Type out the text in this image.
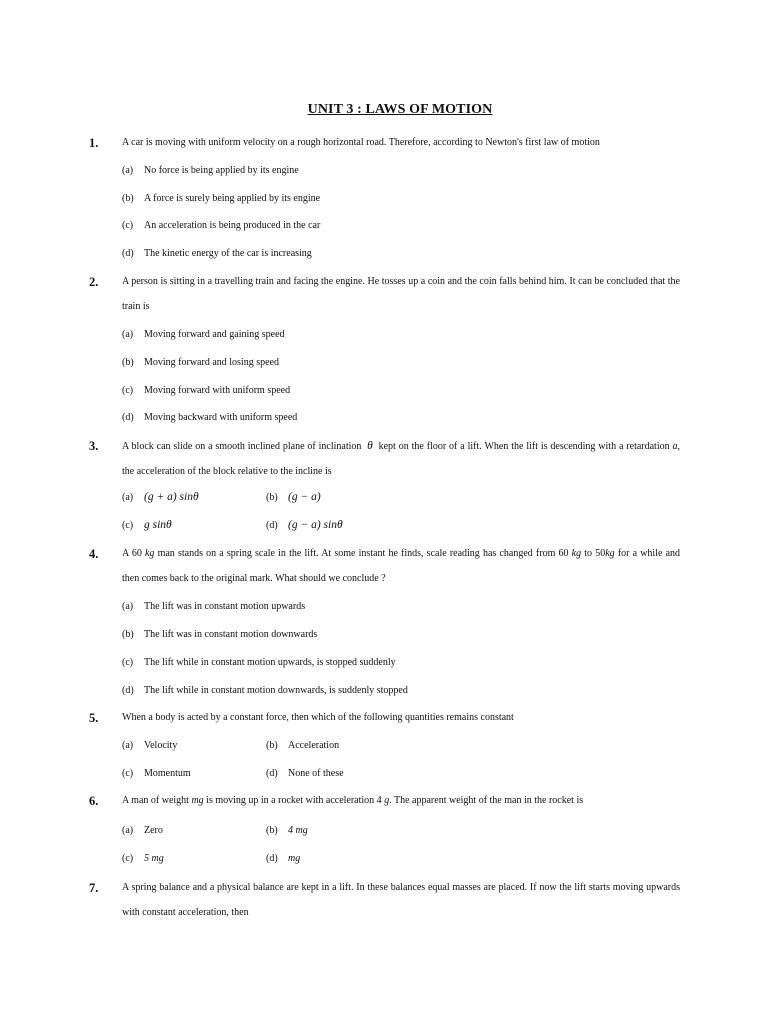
UNIT 3 : LAWS OF MOTION
1. A car is moving with uniform velocity on a rough horizontal road. Therefore, according to Newton's first law of motion
(a) No force is being applied by its engine
(b) A force is surely being applied by its engine
(c) An acceleration is being produced in the car
(d) The kinetic energy of the car is increasing
2. A person is sitting in a travelling train and facing the engine. He tosses up a coin and the coin falls behind him. It can be concluded that the train is
(a) Moving forward and gaining speed
(b) Moving forward and losing speed
(c) Moving forward with uniform speed
(d) Moving backward with uniform speed
3. A block can slide on a smooth inclined plane of inclination θ kept on the floor of a lift. When the lift is descending with a retardation a, the acceleration of the block relative to the incline is
(a) (g + a) sinθ	(b) (g − a)
(c) g sinθ	(d) (g − a) sinθ
4. A 60 kg man stands on a spring scale in the lift. At some instant he finds, scale reading has changed from 60 kg to 50kg for a while and then comes back to the original mark. What should we conclude ?
(a) The lift was in constant motion upwards
(b) The lift was in constant motion downwards
(c) The lift while in constant motion upwards, is stopped suddenly
(d) The lift while in constant motion downwards, is suddenly stopped
5. When a body is acted by a constant force, then which of the following quantities remains constant
(a) Velocity	(b) Acceleration
(c) Momentum	(d) None of these
6. A man of weight mg is moving up in a rocket with acceleration 4 g. The apparent weight of the man in the rocket is
(a) Zero	(b) 4 mg
(c) 5 mg	(d) mg
7. A spring balance and a physical balance are kept in a lift. In these balances equal masses are placed. If now the lift starts moving upwards with constant acceleration, then
